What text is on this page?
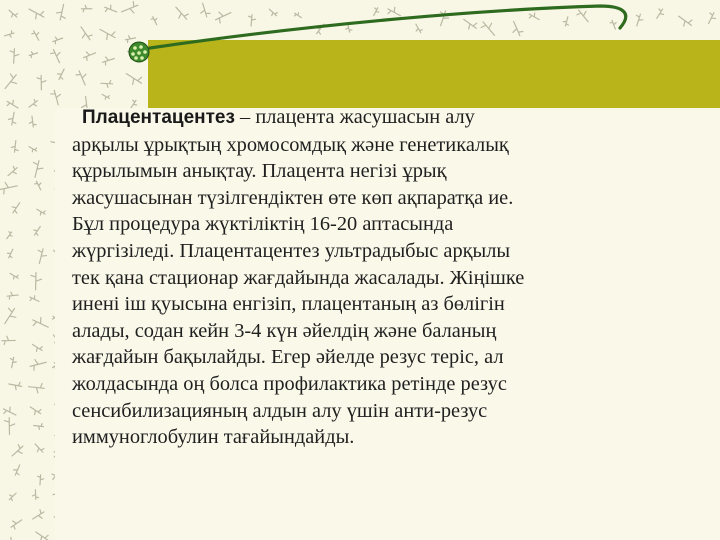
Плацентацентез – плацента жасушасын алу
арқылы ұрықтың хромосомдық және генетикалық
құрылымын анықтау. Плацента негізі ұрық
жасушасынан түзілгендіктен өте көп ақпаратқа ие.
Бұл процедура жүктіліктің 16-20 аптасында
жүргізіледі. Плацентацентез ультрадыбыс арқылы
тек қана стационар жағдайында жасалады. Жіңішке
инені іш қуысына енгізіп, плацентаның аз бөлігін
алады, содан кейн 3-4 күн әйелдің және баланың
жағдайын бақылайды. Егер әйелде резус теріс, ал
жолдасында оң болса профилактика ретінде резус
сенсибилизацияның алдын алу үшін анти-резус
иммуноглобулин тағайындайды.
